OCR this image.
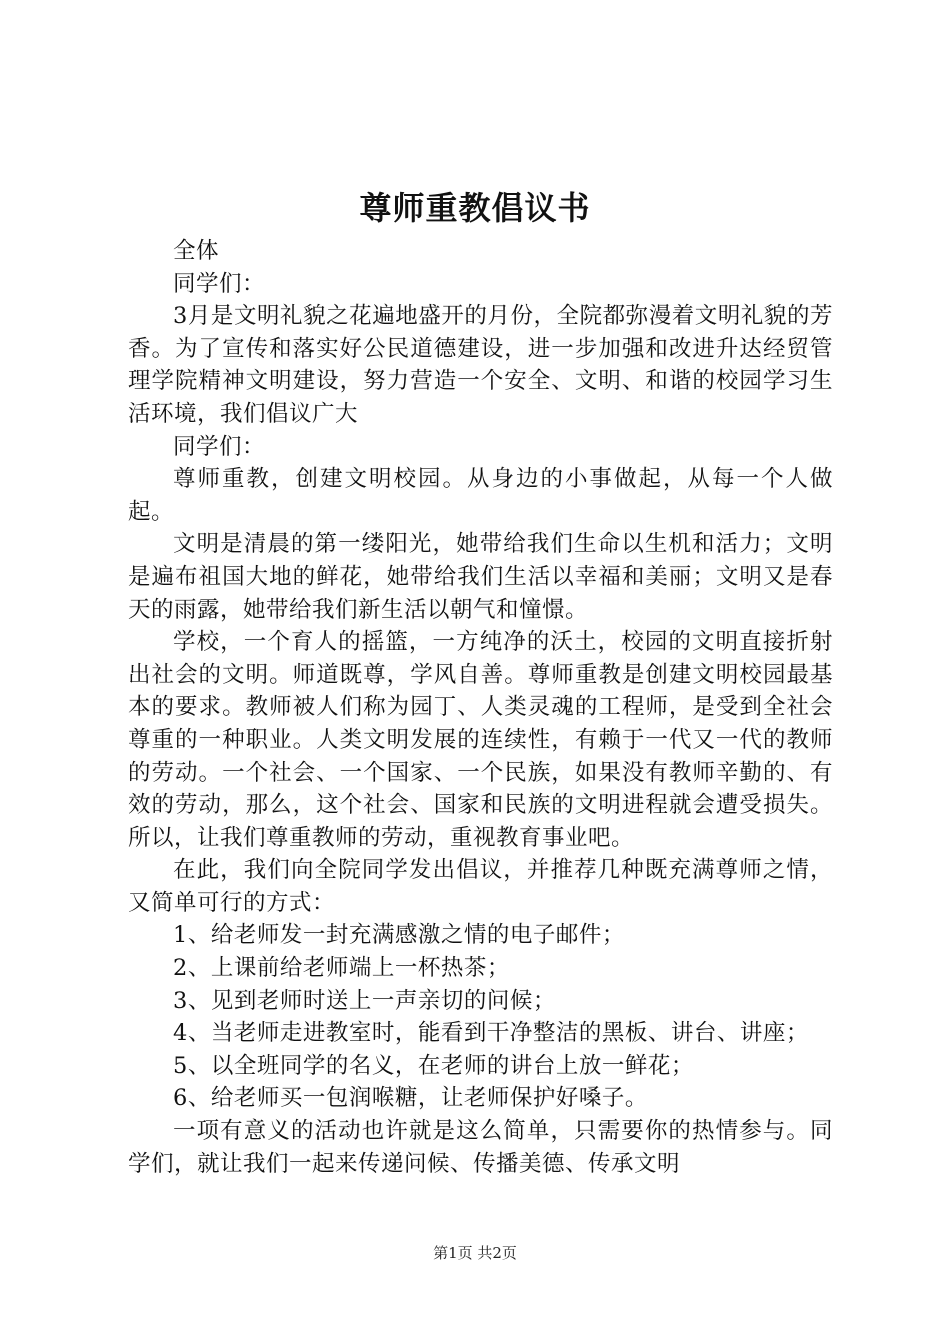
尊师重教倡议书

全体

同学们：

3月是文明礼貌之花遍地盛开的月份，全院都弥漫着文明礼貌的芳香。为了宣传和落实好公民道德建设，进一步加强和改进升达经贸管理学院精神文明建设，努力营造一个安全、文明、和谐的校园学习生活环境，我们倡议广大

同学们：

尊师重教，创建文明校园。从身边的小事做起，从每一个人做起。

文明是清晨的第一缕阳光，她带给我们生命以生机和活力；文明是遍布祖国大地的鲜花，她带给我们生活以幸福和美丽；文明又是春天的雨露，她带给我们新生活以朝气和憧憬。

学校，一个育人的摇篮，一方纯净的沃土，校园的文明直接折射出社会的文明。师道既尊，学风自善。尊师重教是创建文明校园最基本的要求。教师被人们称为园丁、人类灵魂的工程师，是受到全社会尊重的一种职业。人类文明发展的连续性，有赖于一代又一代的教师的劳动。一个社会、一个国家、一个民族，如果没有教师辛勤的、有效的劳动，那么，这个社会、国家和民族的文明进程就会遭受损失。所以，让我们尊重教师的劳动，重视教育事业吧。

在此，我们向全院同学发出倡议，并推荐几种既充满尊师之情，又简单可行的方式：

1、给老师发一封充满感激之情的电子邮件；

2、上课前给老师端上一杯热茶；

3、见到老师时送上一声亲切的问候；

4、当老师走进教室时，能看到干净整洁的黑板、讲台、讲座；

5、以全班同学的名义，在老师的讲台上放一鲜花；

6、给老师买一包润喉糖，让老师保护好嗓子。

一项有意义的活动也许就是这么简单，只需要你的热情参与。同学们，就让我们一起来传递问候、传播美德、传承文明

第1页 共2页
